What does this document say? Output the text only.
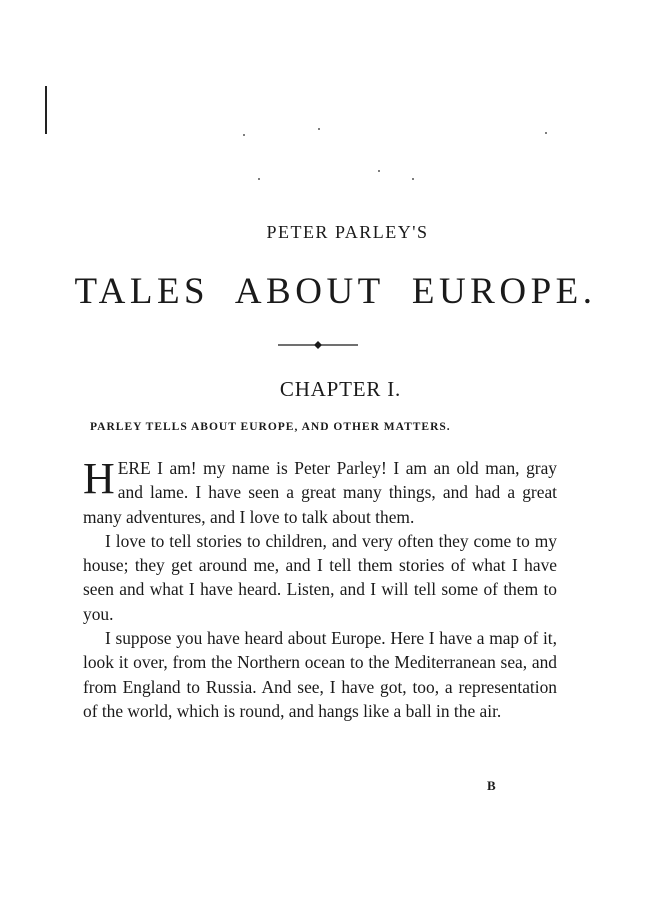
PETER PARLEY'S
TALES ABOUT EUROPE.
CHAPTER I.
PARLEY TELLS ABOUT EUROPE, AND OTHER MATTERS.

HERE I am! my name is Peter Parley! I am an old man, gray and lame. I have seen a great many things, and had a great many adventures, and I love to talk about them.

I love to tell stories to children, and very often they come to my house; they get around me, and I tell them stories of what I have seen and what I have heard. Listen, and I will tell some of them to you.

I suppose you have heard about Europe. Here I have a map of it, look it over, from the Northern ocean to the Mediterranean sea, and from England to Russia. And see, I have got, too, a representation of the world, which is round, and hangs like a ball in the air.

B
